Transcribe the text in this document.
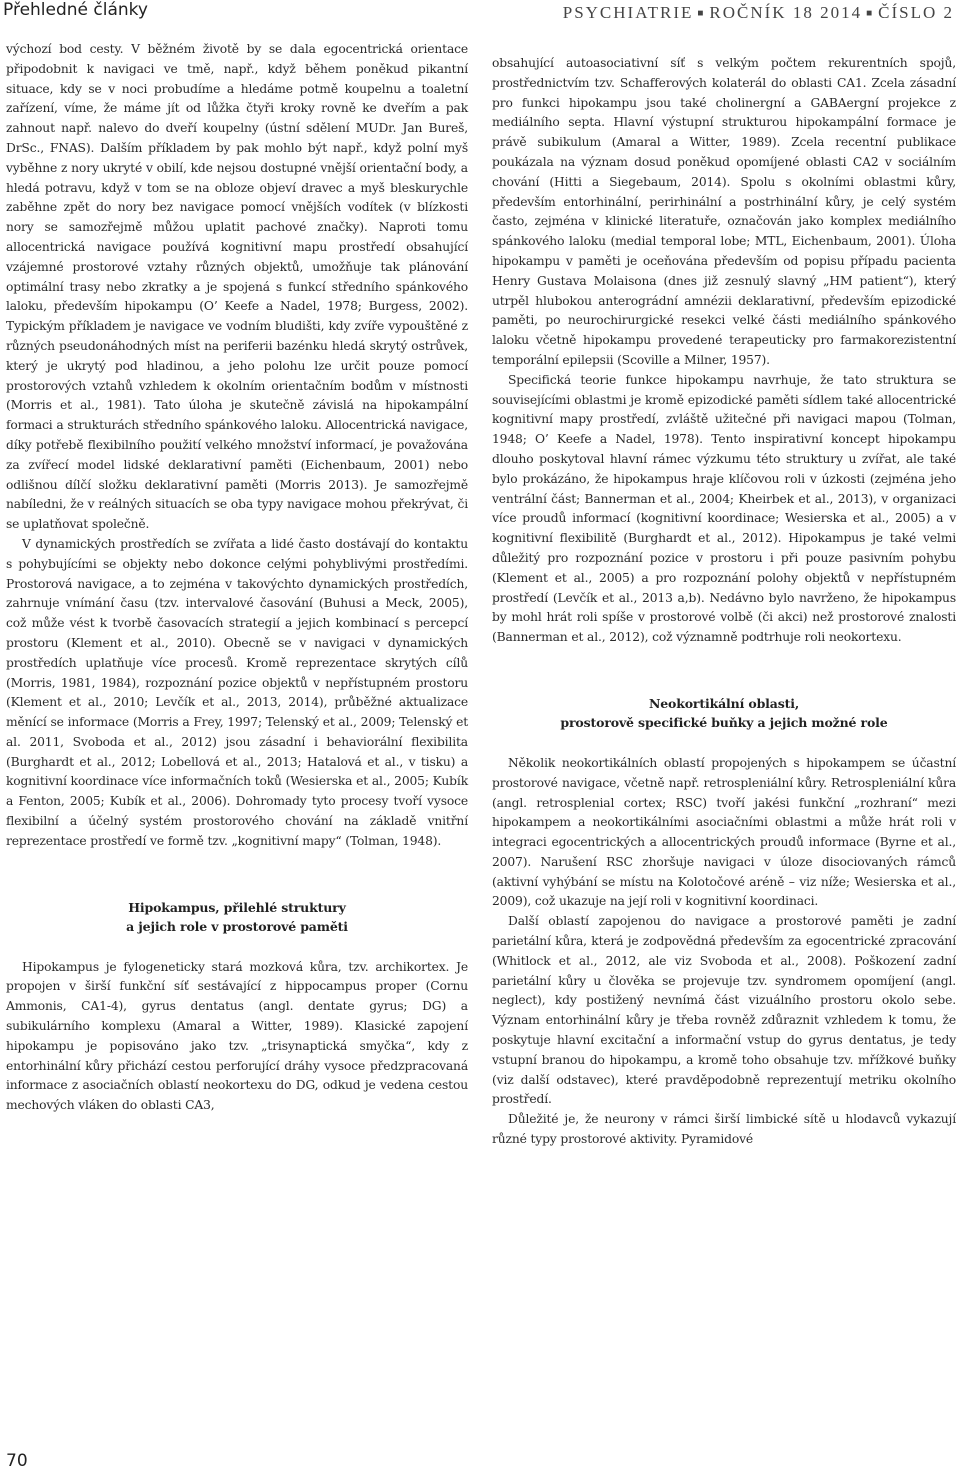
Přehledné články	PSYCHIATRIE ■ ROČNÍK 18 2014 ■ ČÍSLO 2

výchozí bod cesty. V běžném životě by se dala egocentrická orientace připodobnit k navigaci ve tmě, např., když během poněkud pikantní situace, kdy se v noci probudíme a hledáme potmě koupelnu a toaletní zařízení, víme, že máme jít od lůžka čtyři kroky rovně ke dveřím a pak zahnout např. nalevo do dveří koupelny (ústní sdělení MUDr. Jan Bureš, DrSc., FNAS). Dalším příkladem by pak mohlo být např., když polní myš vyběhne z nory ukryté v obilí, kde nejsou dostupné vnější orientační body, a hledá potravu, když v tom se na obloze objeví dravec a myš bleskurychle zaběhne zpět do nory bez navigace pomocí vnějších vodítek (v blízkosti nory se samozřejmě můžou uplatit pachové značky). Naproti tomu allocentrická navigace používá kognitivní mapu prostředí obsahující vzájemné prostorové vztahy různých objektů, umožňuje tak plánování optimální trasy nebo zkratky a je spojená s funkcí středního spánkového laloku, především hipokampu (O’ Keefe a Nadel, 1978; Burgess, 2002). Typickým příkladem je navigace ve vodním bludišti, kdy zvíře vypouštěné z různých pseudonáhodných míst na periferii bazénku hledá skrytý ostrůvek, který je ukrytý pod hladinou, a jeho polohu lze určit pouze pomocí prostorových vztahů vzhledem k okolním orientačním bodům v místnosti (Morris et al., 1981). Tato úloha je skutečně závislá na hipokampální formaci a strukturách středního spánkového laloku. Allocentrická navigace, díky potřebě flexibilního použití velkého množství informací, je považována za zvířecí model lidské deklarativní paměti (Eichenbaum, 2001) nebo odlišnou dílčí složku deklarativní paměti (Morris 2013). Je samozřejmě nabíledni, že v reálných situacích se oba typy navigace mohou překrývat, či se uplatňovat společně.

V dynamických prostředích se zvířata a lidé často dostávají do kontaktu s pohybujícími se objekty nebo dokonce celými pohyblivými prostředími. Prostorová navigace, a to zejména v takovýchto dynamických prostředích, zahrnuje vnímání času (tzv. intervalové časování (Buhusi a Meck, 2005), což může vést k tvorbě časovacích strategií a jejich kombinací s percepcí prostoru (Klement et al., 2010). Obecně se v navigaci v dynamických prostředích uplatňuje více procesů. Kromě reprezentace skrytých cílů (Morris, 1981, 1984), rozpoznání pozice objektů v nepřístupném prostoru (Klement et al., 2010; Levčík et al., 2013, 2014), průběžné aktualizace měnící se informace (Morris a Frey, 1997; Telenský et al., 2009; Telenský et al. 2011, Svoboda et al., 2012) jsou zásadní i behaviorální flexibilita (Burghardt et al., 2012; Lobellová et al., 2013; Hatalová et al., v tisku) a kognitivní koordinace více informačních toků (Wesierska et al., 2005; Kubík a Fenton, 2005; Kubík et al., 2006). Dohromady tyto procesy tvoří vysoce flexibilní a účelný systém prostorového chování na základě vnitřní reprezentace prostředí ve formě tzv. „kognitivní mapy“ (Tolman, 1948).

Hipokampus, přilehlé struktury
a jejich role v prostorové paměti

Hipokampus je fylogeneticky stará mozková kůra, tzv. archikortex. Je propojen v širší funkční síť sestávající z hippocampus proper (Cornu Ammonis, CA1-4), gyrus dentatus (angl. dentate gyrus; DG) a subikulárního komplexu (Amaral a Witter, 1989). Klasické zapojení hipokampu je popisováno jako tzv. „trisynaptická smyčka“, kdy z entorhinální kůry přichází cestou perforující dráhy vysoce předzpracovaná informace z asociačních oblastí neokortexu do DG, odkud je vedena cestou mechových vláken do oblasti CA3,

obsahující autoasociativní síť s velkým počtem rekurentních spojů, prostřednictvím tzv. Schafferových kolaterál do oblasti CA1. Zcela zásadní pro funkci hipokampu jsou také cholinergní a GABAergní projekce z mediálního septa. Hlavní výstupní strukturou hipokampální formace je právě subikulum (Amaral a Witter, 1989). Zcela recentní publikace poukázala na význam dosud poněkud opomíjené oblasti CA2 v sociálním chování (Hitti a Siegebaum, 2014). Spolu s okolními oblastmi kůry, především entorhinální, perirhinální a postrhinální kůry, je celý systém často, zejména v klinické literatuře, označován jako komplex mediálního spánkového laloku (medial temporal lobe; MTL, Eichenbaum, 2001). Úloha hipokampu v paměti je oceňována především od popisu případu pacienta Henry Gustava Molaisona (dnes již zesnulý slavný „HM patient“), který utrpěl hlubokou anterográdní amnézii deklarativní, především epizodické paměti, po neurochirurgické resekci velké části mediálního spánkového laloku včetně hipokampu provedené terapeuticky pro farmakorezistentní temporální epilepsii (Scoville a Milner, 1957).

Specifická teorie funkce hipokampu navrhuje, že tato struktura se souvisejícími oblastmi je kromě epizodické paměti sídlem také allocentrické kognitivní mapy prostředí, zvláště užitečné při navigaci mapou (Tolman, 1948; O’ Keefe a Nadel, 1978). Tento inspirativní koncept hipokampu dlouho poskytoval hlavní rámec výzkumu této struktury u zvířat, ale také bylo prokázáno, že hipokampus hraje klíčovou roli v úzkosti (zejména jeho ventrální část; Bannerman et al., 2004; Kheirbek et al., 2013), v organizaci více proudů informací (kognitivní koordinace; Wesierska et al., 2005) a v kognitivní flexibilitě (Burghardt et al., 2012). Hipokampus je také velmi důležitý pro rozpoznání pozice v prostoru i při pouze pasivním pohybu (Klement et al., 2005) a pro rozpoznání polohy objektů v nepřístupném prostředí (Levčík et al., 2013 a,b). Nedávno bylo navrženo, že hipokampus by mohl hrát roli spíše v prostorové volbě (či akci) než prostorové znalosti (Bannerman et al., 2012), což významně podtrhuje roli neokortexu.

Neokortikální oblasti,
prostorově specifické buňky a jejich možné role

Několik neokortikálních oblastí propojených s hipokampem se účastní prostorové navigace, včetně např. retrospleniální kůry. Retrospleniální kůra (angl. retrosplenial cortex; RSC) tvoří jakési funkční „rozhraní“ mezi hipokampem a neokortikálními asociačními oblastmi a může hrát roli v integraci egocentrických a allocentrických proudů informace (Byrne et al., 2007). Narušení RSC zhoršuje navigaci v úloze disociovaných rámců (aktivní vyhýbání se místu na Kolotočové aréně – viz níže; Wesierska et al., 2009), což ukazuje na její roli v kognitivní koordinaci.

Další oblastí zapojenou do navigace a prostorové paměti je zadní parietální kůra, která je zodpovědná především za egocentrické zpracování (Whitlock et al., 2012, ale viz Svoboda et al., 2008). Poškození zadní parietální kůry u člověka se projevuje tzv. syndromem opomíjení (angl. neglect), kdy postižený nevnímá část vizuálního prostoru okolo sebe. Význam entorhinální kůry je třeba rovněž zdůraznit vzhledem k tomu, že poskytuje hlavní excitační a informační vstup do gyrus dentatus, je tedy vstupní branou do hipokampu, a kromě toho obsahuje tzv. mřížkové buňky (viz další odstavec), které pravděpodobně reprezentují metriku okolního prostředí.

Důležité je, že neurony v rámci širší limbické sítě u hlodavců vykazují různé typy prostorové aktivity. Pyramidové

70
